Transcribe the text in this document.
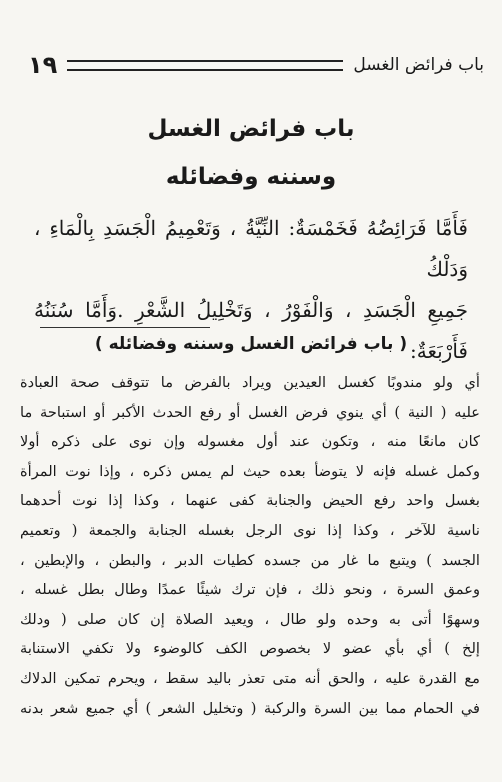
باب فرائض الغسل
١٩
باب فرائض الغسل
وسننه وفضائله

فَأَمَّا فَرَائِضُهُ فَخَمْسَةٌ: النِّيَّةُ ، وَتَعْمِيمُ الْجَسَدِ بِالْمَاءِ ، وَدَلْكُ

جَمِيعِ الْجَسَدِ ، وَالْفَوْرُ ، وَتَخْلِيلُ الشَّعْرِ .وَأَمَّا سُنَنُهُ فَأَرْبَعَةٌ:

( باب فرائض الغسل وسننه وفضائله )

أي ولو مندوبًا كغسل العيدين ويراد بالفرض ما تتوقف صحة العبادة

عليه ( النية ) أي ينوي فرض الغسل أو رفع الحدث الأكبر أو استباحة ما

كان مانعًا منه ، وتكون عند أول مغسوله وإن نوى على ذكره أولا

وكمل غسله فإنه لا يتوضأ بعده حيث لم يمس ذكره ، وإذا نوت المرأة

بغسل واحد رفع الحيض والجنابة كفى عنهما ، وكذا إذا نوت أحدهما

ناسية للآخر ، وكذا إذا نوى الرجل بغسله الجنابة والجمعة ( وتعميم

الجسد ) ويتبع ما غار من جسده كطيات الدبر ، والبطن ، والإبطين ،

وعمق السرة ، ونحو ذلك ، فإن ترك شيئًا عمدًا وطال بطل غسله ،

وسهوًا أتى به وحده ولو طال ، ويعيد الصلاة إن كان صلى ( ودلك

إلخ ) أي بأي عضو لا بخصوص الكف كالوضوء ولا تكفي الاستنابة

مع القدرة عليه ، والحق أنه متى تعذر باليد سقط ، ويحرم تمكين الدلاك

في الحمام مما بين السرة والركبة ( وتخليل الشعر ) أي جميع شعر بدنه
